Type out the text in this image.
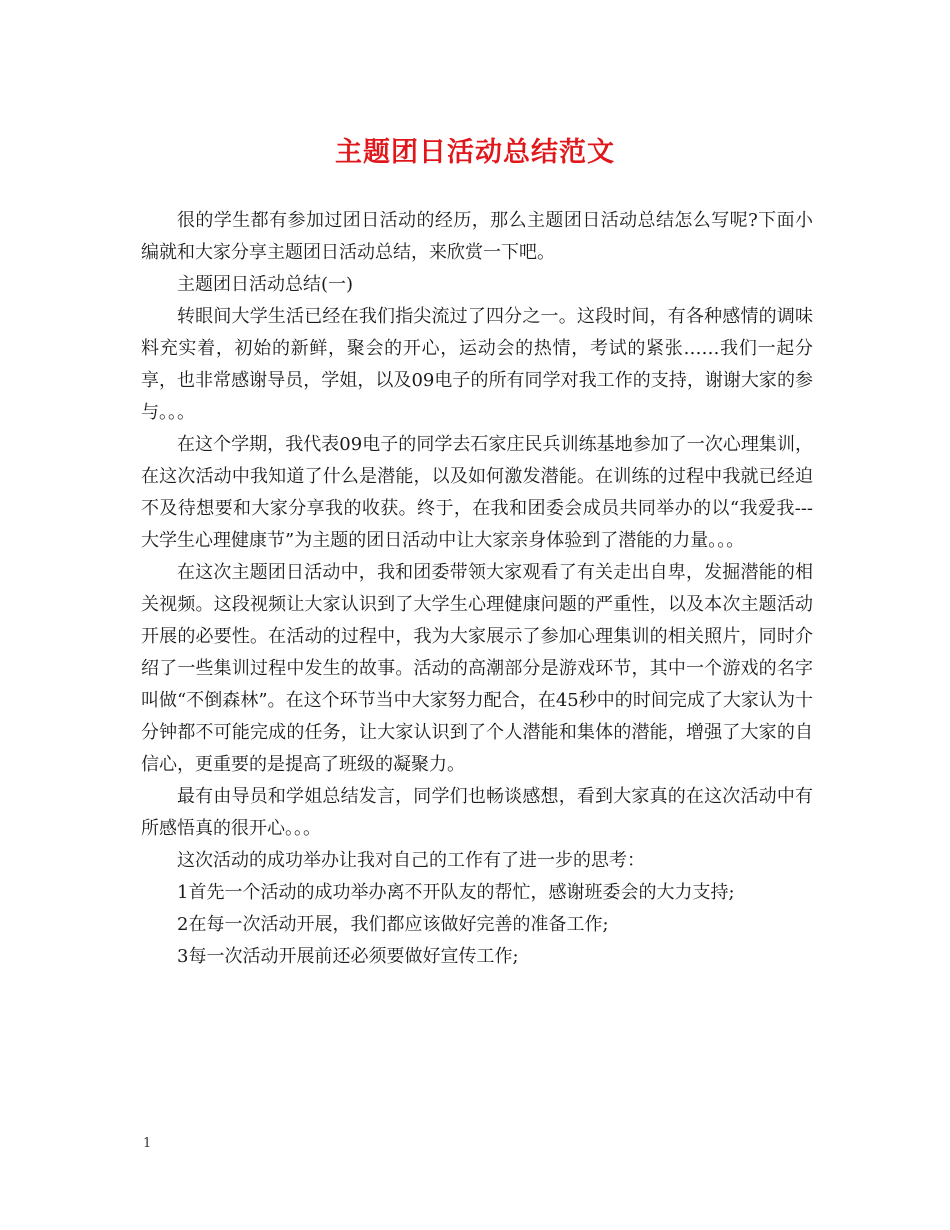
主题团日活动总结范文

很的学生都有参加过团日活动的经历，那么主题团日活动总结怎么写呢?下面小编就和大家分享主题团日活动总结，来欣赏一下吧。

主题团日活动总结(一)

转眼间大学生活已经在我们指尖流过了四分之一。这段时间，有各种感情的调味料充实着，初始的新鲜，聚会的开心，运动会的热情，考试的紧张……我们一起分享，也非常感谢导员，学姐，以及09电子的所有同学对我工作的支持，谢谢大家的参与。。。

在这个学期，我代表09电子的同学去石家庄民兵训练基地参加了一次心理集训，在这次活动中我知道了什么是潜能，以及如何激发潜能。在训练的过程中我就已经迫不及待想要和大家分享我的收获。终于，在我和团委会成员共同举办的以“我爱我---大学生心理健康节”为主题的团日活动中让大家亲身体验到了潜能的力量。。。

在这次主题团日活动中，我和团委带领大家观看了有关走出自卑，发掘潜能的相关视频。这段视频让大家认识到了大学生心理健康问题的严重性，以及本次主题活动开展的必要性。在活动的过程中，我为大家展示了参加心理集训的相关照片，同时介绍了一些集训过程中发生的故事。活动的高潮部分是游戏环节，其中一个游戏的名字叫做“不倒森林”。在这个环节当中大家努力配合，在45秒中的时间完成了大家认为十分钟都不可能完成的任务，让大家认识到了个人潜能和集体的潜能，增强了大家的自信心，更重要的是提高了班级的凝聚力。

最有由导员和学姐总结发言，同学们也畅谈感想，看到大家真的在这次活动中有所感悟真的很开心。。。

这次活动的成功举办让我对自己的工作有了进一步的思考：

1首先一个活动的成功举办离不开队友的帮忙，感谢班委会的大力支持;

2在每一次活动开展，我们都应该做好完善的准备工作;

3每一次活动开展前还必须要做好宣传工作;

1
